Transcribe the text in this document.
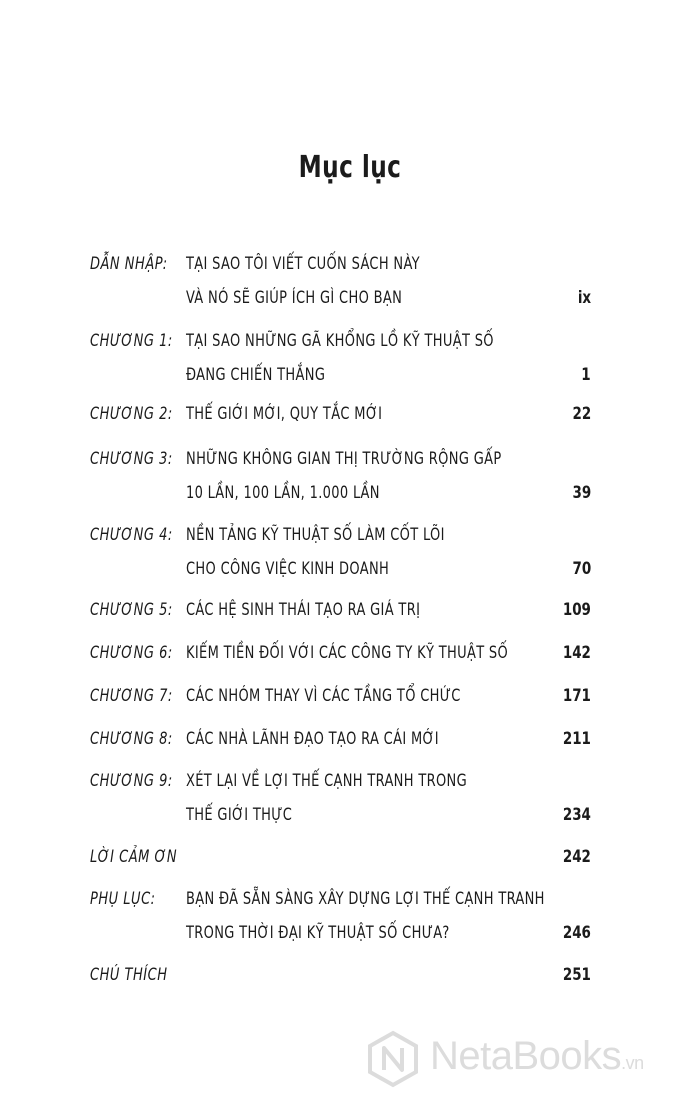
Mục lục
DẪN NHẬP: TẠI SAO TÔI VIẾT CUỐN SÁCH NÀY
VÀ NÓ SẼ GIÚP ÍCH GÌ CHO BẠN	ix
CHƯƠNG 1: TẠI SAO NHỮNG GÃ KHỔNG LỒ KỸ THUẬT SỐ
ĐANG CHIẾN THẮNG	1
CHƯƠNG 2: THẾ GIỚI MỚI, QUY TẮC MỚI	22
CHƯƠNG 3: NHỮNG KHÔNG GIAN THỊ TRƯỜNG RỘNG GẤP
10 LẦN, 100 LẦN, 1.000 LẦN	39
CHƯƠNG 4: NỀN TẢNG KỸ THUẬT SỐ LÀM CỐT LÕI
CHO CÔNG VIỆC KINH DOANH	70
CHƯƠNG 5: CÁC HỆ SINH THÁI TẠO RA GIÁ TRỊ	109
CHƯƠNG 6: KIẾM TIỀN ĐỐI VỚI CÁC CÔNG TY KỸ THUẬT SỐ	142
CHƯƠNG 7: CÁC NHÓM THAY VÌ CÁC TẦNG TỔ CHỨC	171
CHƯƠNG 8: CÁC NHÀ LÃNH ĐẠO TẠO RA CÁI MỚI	211
CHƯƠNG 9: XÉT LẠI VỀ LỢI THẾ CẠNH TRANH TRONG
THẾ GIỚI THỰC	234
LỜI CẢM ƠN	242
PHỤ LỤC: BẠN ĐÃ SẴN SÀNG XÂY DỰNG LỢI THẾ CẠNH TRANH
TRONG THỜI ĐẠI KỸ THUẬT SỐ CHƯA?	246
CHÚ THÍCH	251
NetaBooks.vn
